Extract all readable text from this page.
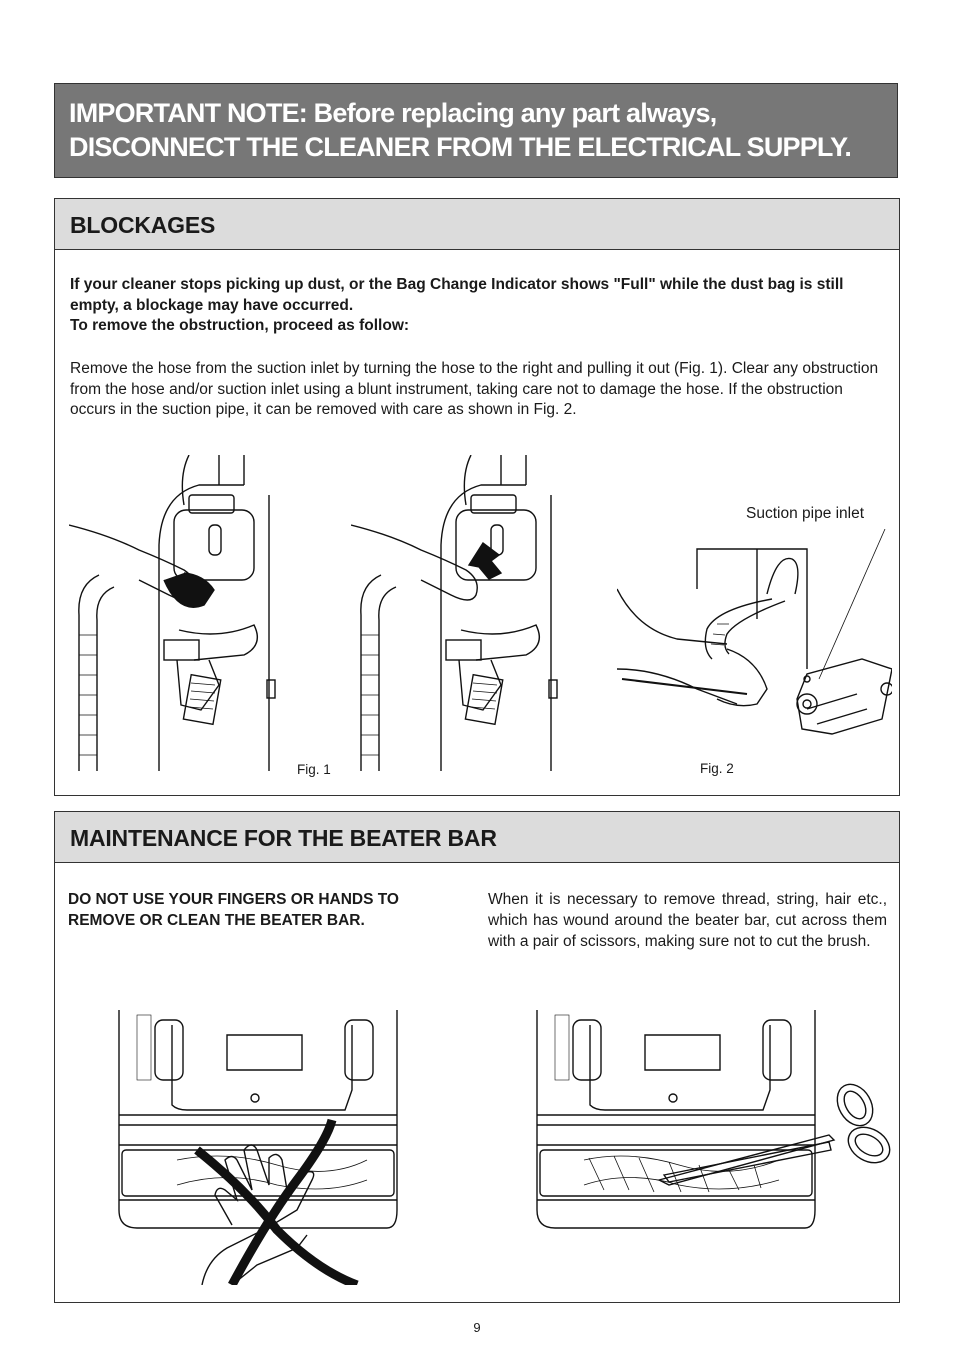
IMPORTANT NOTE: Before replacing any part always,
DISCONNECT THE CLEANER FROM THE ELECTRICAL SUPPLY.
BLOCKAGES
If your cleaner stops picking up dust, or the Bag Change Indicator shows "Full" while the dust bag is still empty, a blockage may have occurred.
To remove the obstruction, proceed as follow:
Remove the hose from the suction inlet by turning the hose to the right and pulling it out (Fig. 1). Clear any obstruction from the hose and/or suction inlet using a blunt instrument, taking care not to damage the hose. If the obstruction occurs in the suction pipe, it can be removed with care as shown in Fig. 2.
Fig. 1
Suction pipe inlet
Fig. 2
MAINTENANCE FOR THE BEATER BAR
DO NOT USE YOUR FINGERS OR HANDS TO REMOVE OR CLEAN THE BEATER BAR.
When it is necessary to remove thread, string, hair etc., which has wound around the beater bar, cut across them with a pair of scissors, making sure not to cut the brush.
9
